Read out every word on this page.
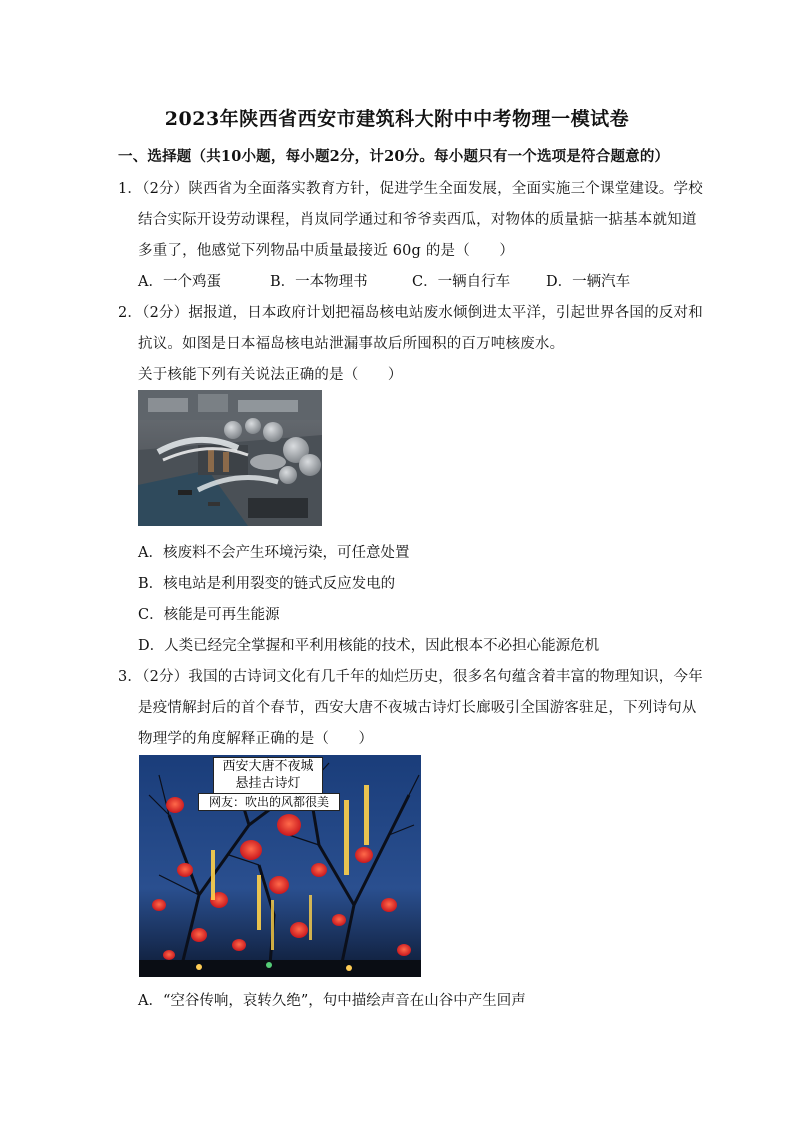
2023年陕西省西安市建筑科大附中中考物理一模试卷
一、选择题（共10小题，每小题2分，计20分。每小题只有一个选项是符合题意的）
1．（2分）陕西省为全面落实教育方针，促进学生全面发展，全面实施三个课堂建设。学校
结合实际开设劳动课程，肖岚同学通过和爷爷卖西瓜，对物体的质量掂一掂基本就知道
多重了，他感觉下列物品中质量最接近 60g 的是（　　）
A．一个鸡蛋	B．一本物理书	C．一辆自行车 D．一辆汽车
2．（2分）据报道，日本政府计划把福岛核电站废水倾倒进太平洋，引起世界各国的反对和
抗议。如图是日本福岛核电站泄漏事故后所囤积的百万吨核废水。
关于核能下列有关说法正确的是（　　）
A．核废料不会产生环境污染，可任意处置
B．核电站是利用裂变的链式反应发电的
C．核能是可再生能源
D．人类已经完全掌握和平利用核能的技术，因此根本不必担心能源危机
3．（2分）我国的古诗词文化有几千年的灿烂历史，很多名句蕴含着丰富的物理知识，今年
是疫情解封后的首个春节，西安大唐不夜城古诗灯长廊吸引全国游客驻足，下列诗句从
物理学的角度解释正确的是（　　）
西安大唐不夜城
悬挂古诗灯
网友：吹出的风都很美
A．“空谷传响，哀转久绝”，句中描绘声音在山谷中产生回声
